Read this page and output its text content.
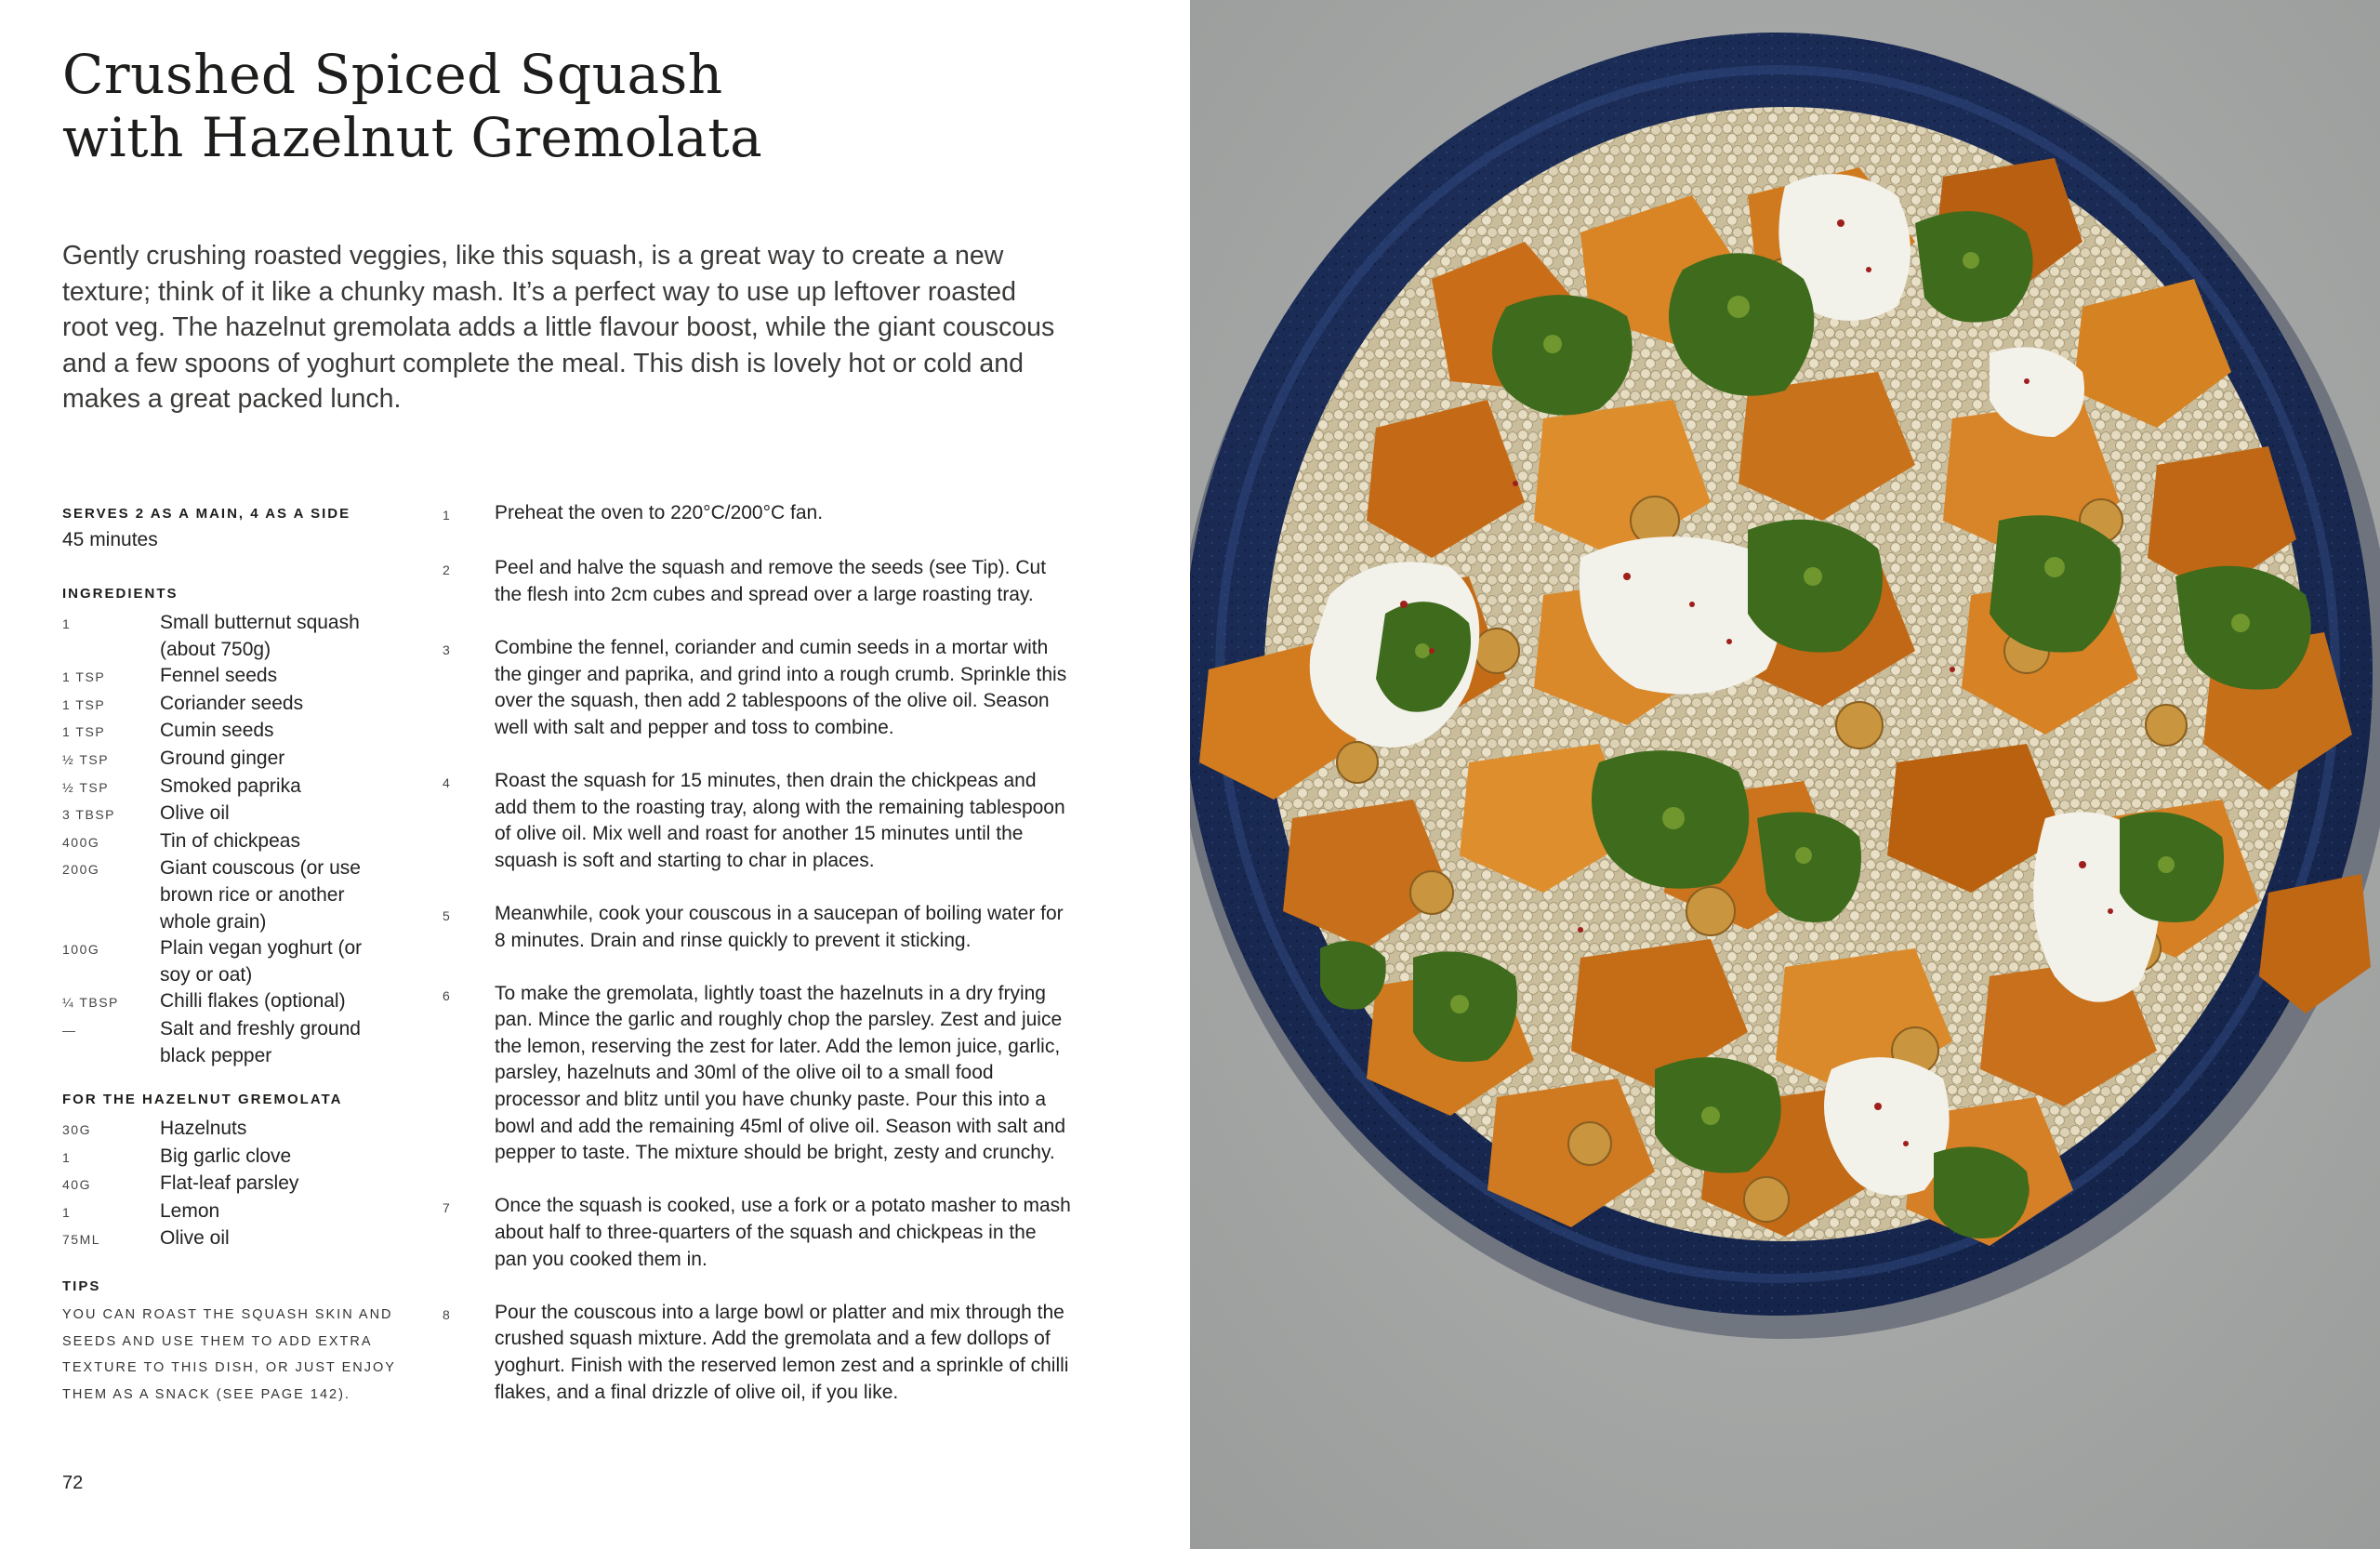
Crushed Spiced Squash
with Hazelnut Gremolata

Gently crushing roasted veggies, like this squash, is a great way to create a new texture; think of it like a chunky mash. It’s a perfect way to use up leftover roasted root veg. The hazelnut gremolata adds a little flavour boost, while the giant couscous and a few spoons of yoghurt complete the meal. This dish is lovely hot or cold and makes a great packed lunch.

SERVES 2 AS A MAIN, 4 AS A SIDE
45 minutes
INGREDIENTS
1	Small butternut squash (about 750g)
1 TSP	Fennel seeds
1 TSP	Coriander seeds
1 TSP	Cumin seeds
½ TSP	Ground ginger
½ TSP	Smoked paprika
3 TBSP	Olive oil
400G	Tin of chickpeas
200G	Giant couscous (or use brown rice or another whole grain)
100G	Plain vegan yoghurt (or soy or oat)
¼ TBSP	Chilli flakes (optional)
—	Salt and freshly ground black pepper
FOR THE HAZELNUT GREMOLATA
30G	Hazelnuts
1	Big garlic clove
40G	Flat-leaf parsley
1	Lemon
75ML	Olive oil
TIPS

YOU CAN ROAST THE SQUASH SKIN AND SEEDS AND USE THEM TO ADD EXTRA TEXTURE TO THIS DISH, OR JUST ENJOY THEM AS A SNACK (SEE PAGE 142).

1	Preheat the oven to 220°C/200°C fan.
2	Peel and halve the squash and remove the seeds (see Tip). Cut the flesh into 2cm cubes and spread over a large roasting tray.
3	Combine the fennel, coriander and cumin seeds in a mortar with the ginger and paprika, and grind into a rough crumb. Sprinkle this over the squash, then add 2 tablespoons of the olive oil. Season well with salt and pepper and toss to combine.
4	Roast the squash for 15 minutes, then drain the chickpeas and add them to the roasting tray, along with the remaining tablespoon of olive oil. Mix well and roast for another 15 minutes until the squash is soft and starting to char in places.
5	Meanwhile, cook your couscous in a saucepan of boiling water for 8 minutes. Drain and rinse quickly to prevent it sticking.
6	To make the gremolata, lightly toast the hazelnuts in a dry frying pan. Mince the garlic and roughly chop the parsley. Zest and juice the lemon, reserving the zest for later. Add the lemon juice, garlic, parsley, hazelnuts and 30ml of the olive oil to a small food processor and blitz until you have chunky paste. Pour this into a bowl and add the remaining 45ml of olive oil. Season with salt and pepper to taste. The mixture should be bright, zesty and crunchy.
7	Once the squash is cooked, use a fork or a potato masher to mash about half to three-quarters of the squash and chickpeas in the pan you cooked them in.
8	Pour the couscous into a large bowl or platter and mix through the crushed squash mixture. Add the gremolata and a few dollops of yoghurt. Finish with the reserved lemon zest and a sprinkle of chilli flakes, and a final drizzle of olive oil, if you like.
72
